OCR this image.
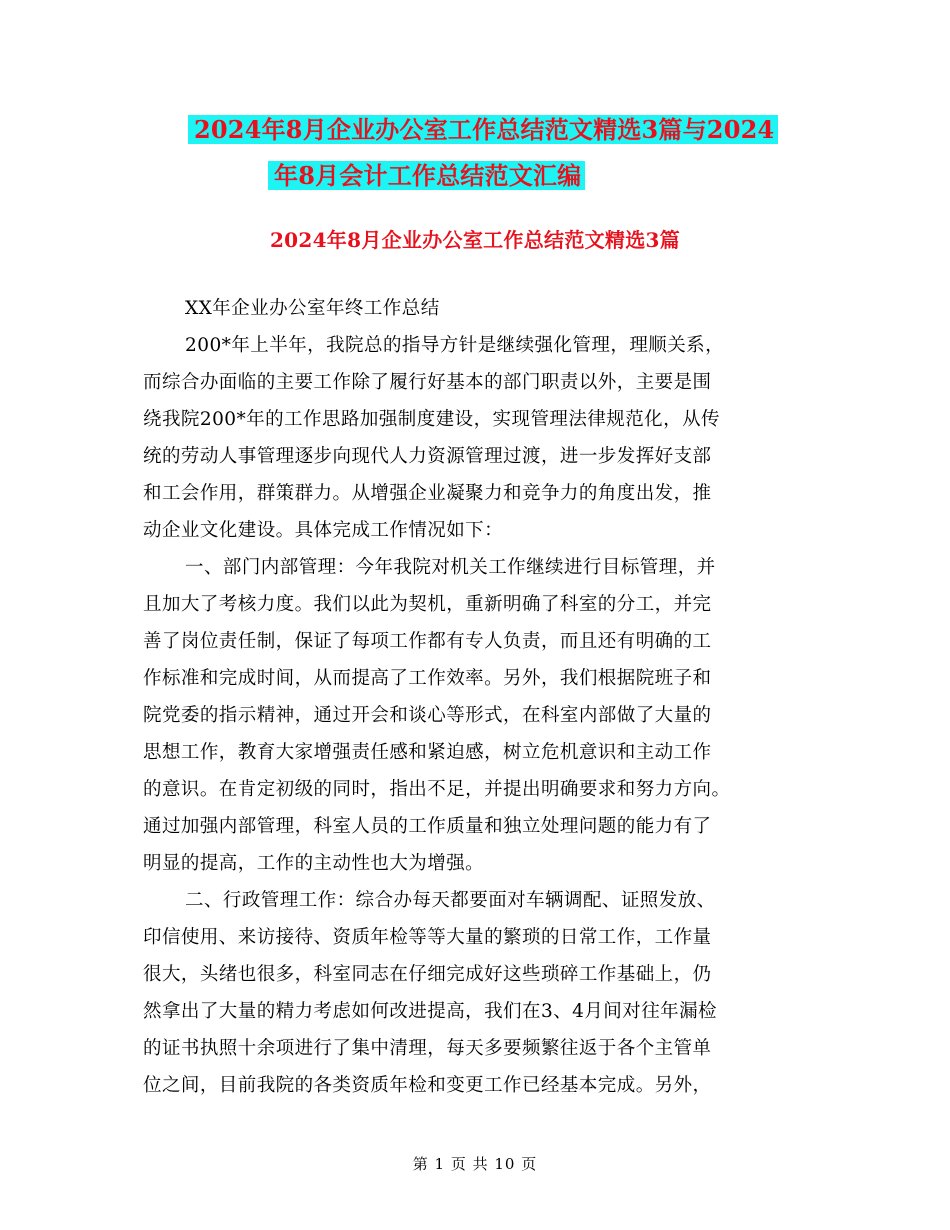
2024年8月企业办公室工作总结范文精选3篇与2024
年8月会计工作总结范文汇编
2024年8月企业办公室工作总结范文精选3篇
XX年企业办公室年终工作总结
200*年上半年，我院总的指导方针是继续强化管理，理顺关系，
而综合办面临的主要工作除了履行好基本的部门职责以外，主要是围
绕我院200*年的工作思路加强制度建设，实现管理法律规范化，从传
统的劳动人事管理逐步向现代人力资源管理过渡，进一步发挥好支部
和工会作用，群策群力。从增强企业凝聚力和竞争力的角度出发，推
动企业文化建设。具体完成工作情况如下：
一、部门内部管理：今年我院对机关工作继续进行目标管理，并
且加大了考核力度。我们以此为契机，重新明确了科室的分工，并完
善了岗位责任制，保证了每项工作都有专人负责，而且还有明确的工
作标准和完成时间，从而提高了工作效率。另外，我们根据院班子和
院党委的指示精神，通过开会和谈心等形式，在科室内部做了大量的
思想工作，教育大家增强责任感和紧迫感，树立危机意识和主动工作
的意识。在肯定初级的同时，指出不足，并提出明确要求和努力方向。
通过加强内部管理，科室人员的工作质量和独立处理问题的能力有了
明显的提高，工作的主动性也大为增强。
二、行政管理工作：综合办每天都要面对车辆调配、证照发放、
印信使用、来访接待、资质年检等等大量的繁琐的日常工作，工作量
很大，头绪也很多，科室同志在仔细完成好这些琐碎工作基础上，仍
然拿出了大量的精力考虑如何改进提高，我们在3、4月间对往年漏检
的证书执照十余项进行了集中清理，每天多要频繁往返于各个主管单
位之间，目前我院的各类资质年检和变更工作已经基本完成。另外，
第 1 页 共 10 页
